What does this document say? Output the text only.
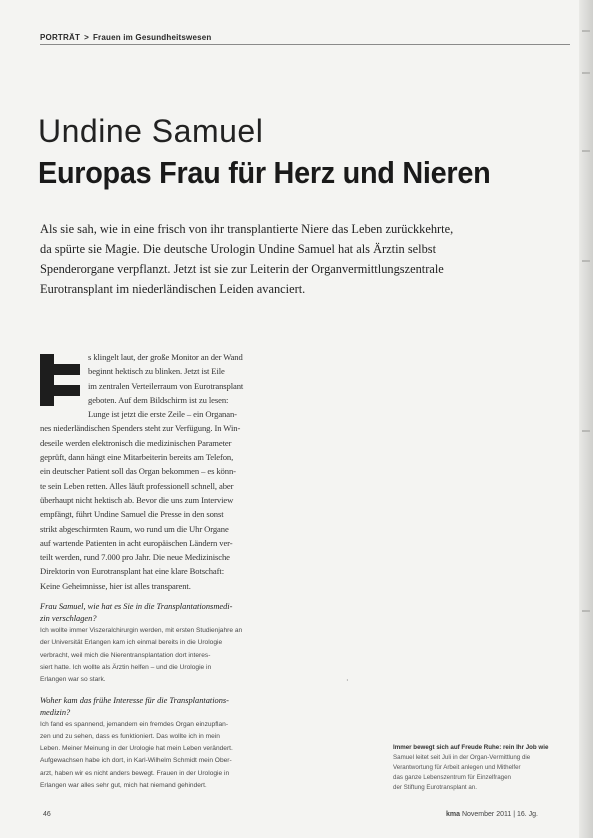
PORTRÄT > Frauen im Gesundheitswesen
Undine Samuel
Europas Frau für Herz und Nieren

Als sie sah, wie in eine frisch von ihr transplantierte Niere das Leben zurückkehrte,

da spürte sie Magie. Die deutsche Urologin Undine Samuel hat als Ärztin selbst

Spenderorgane verpflanzt. Jetzt ist sie zur Leiterin der Organvermittlungszentrale

Eurotransplant im niederländischen Leiden avanciert.

s klingelt laut, der große Monitor an der Wand
beginnt hektisch zu blinken. Jetzt ist Eile
im zentralen Verteilerraum von Eurotransplant
geboten. Auf dem Bildschirm ist zu lesen:
Lunge ist jetzt die erste Zeile – ein Organan-
nes niederländischen Spenders steht zur Verfügung. In Win-
deseile werden elektronisch die medizinischen Parameter
geprüft, dann hängt eine Mitarbeiterin bereits am Telefon,
ein deutscher Patient soll das Organ bekommen – es könn-
te sein Leben retten. Alles läuft professionell schnell, aber
überhaupt nicht hektisch ab. Bevor die uns zum Interview
empfängt, führt Undine Samuel die Presse in den sonst
strikt abgeschirmten Raum, wo rund um die Uhr Organe
auf wartende Patienten in acht europäischen Ländern ver-
teilt werden, rund 7.000 pro Jahr. Die neue Medizinische
Direktorin von Eurotransplant hat eine klare Botschaft:
Keine Geheimnisse, hier ist alles transparent.
Frau Samuel, wie hat es Sie in die Transplantationsmedi-
zin verschlagen?
Ich wollte immer Viszeralchirurgin werden, mit ersten Studienjahre an
der Universität Erlangen kam ich einmal bereits in die Urologie
verbracht, weil mich die Nierentransplantation dort interes-
siert hatte. Ich wollte als Ärztin helfen – und die Urologie in
Erlangen war so stark.
Woher kam das frühe Interesse für die Transplantations-
medizin?
Ich fand es spannend, jemandem ein fremdes Organ einzupflan-
zen und zu sehen, dass es funktioniert. Das wollte ich in mein
Leben. Meiner Meinung in der Urologie hat mein Leben verändert.
Aufgewachsen habe ich dort, in Karl-Wilhelm Schmidt mein Ober-
arzt, haben wir es nicht anders bewegt. Frauen in der Urologie in
Erlangen war alles sehr gut, mich hat niemand gehindert.
·
Immer bewegt sich auf Freude Ruhe: rein Ihr Job wie
Samuel leitet seit Juli in der Organ-Vermittlung die
Verantwortung für Arbeit anlegen und Mithelfer
das ganze Lebenszentrum für Einzelfragen
der Stiftung Eurotransplant an.
46	kma November 2011 | 16. Jg.
